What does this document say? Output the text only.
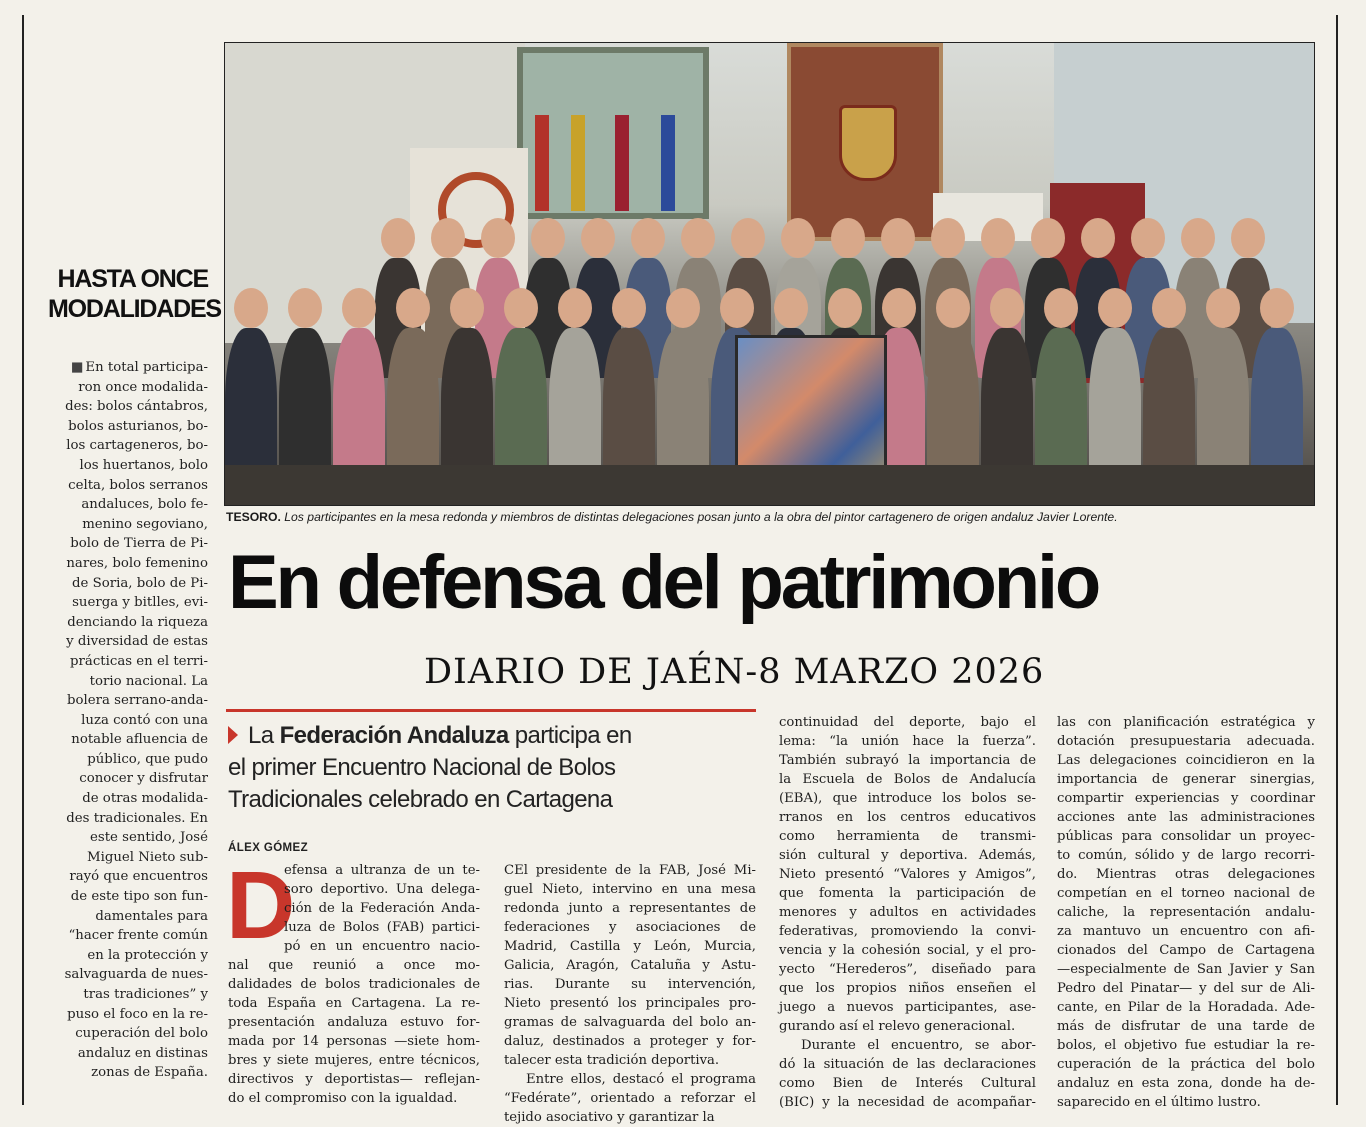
HASTA ONCE
MODALIDADES
■ En total participa-
ron once modalida-
des: bolos cántabros,
bolos asturianos, bo-
los cartageneros, bo-
los huertanos, bolo
celta, bolos serranos
andaluces, bolo fe-
menino segoviano,
bolo de Tierra de Pi-
nares, bolo femenino
de Soria, bolo de Pi-
suerga y bitlles, evi-
denciando la riqueza
y diversidad de estas
prácticas en el terri-
torio nacional. La
bolera serrano-anda-
luza contó con una
notable afluencia de
público, que pudo
conocer y disfrutar
de otras modalida-
des tradicionales. En
este sentido, José
Miguel Nieto sub-
rayó que encuentros
de este tipo son fun-
damentales para
“hacer frente común
en la protección y
salvaguarda de nues-
tras tradiciones” y
puso el foco en la re-
cuperación del bolo
andaluz en distinas
zonas de España.
TESORO. Los participantes en la mesa redonda y miembros de distintas delegaciones posan junto a la obra del pintor cartagenero de origen andaluz Javier Lorente.
En defensa del patrimonio
DIARIO DE JAÉN-8 MARZO 2026
La Federación Andaluza participa en
el primer Encuentro Nacional de Bolos
Tradicionales celebrado en Cartagena
ÁLEX GÓMEZ
D
efensa a ultranza de un te-
soro deportivo. Una delega-
ción de la Federación Anda-
luza de Bolos (FAB) partici-
pó en un encuentro nacio-
nal que reunió a once mo-
dalidades de bolos tradicionales de
toda España en Cartagena. La re-
presentación andaluza estuvo for-
mada por 14 personas —siete hom-
bres y siete mujeres, entre técnicos,
directivos y deportistas— reflejan-
do el compromiso con la igualdad.
CEl presidente de la FAB, José Mi-
guel Nieto, intervino en una mesa
redonda junto a representantes de
federaciones y asociaciones de
Madrid, Castilla y León, Murcia,
Galicia, Aragón, Cataluña y Astu-
rias. Durante su intervención,
Nieto presentó los principales pro-
gramas de salvaguarda del bolo an-
daluz, destinados a proteger y for-
talecer esta tradición deportiva.
Entre ellos, destacó el programa
“Fedérate”, orientado a reforzar el
tejido asociativo y garantizar la
continuidad del deporte, bajo el
lema: “la unión hace la fuerza”.
También subrayó la importancia de
la Escuela de Bolos de Andalucía
(EBA), que introduce los bolos se-
rranos en los centros educativos
como herramienta de transmi-
sión cultural y deportiva. Además,
Nieto presentó “Valores y Amigos”,
que fomenta la participación de
menores y adultos en actividades
federativas, promoviendo la convi-
vencia y la cohesión social, y el pro-
yecto “Herederos”, diseñado para
que los propios niños enseñen el
juego a nuevos participantes, ase-
gurando así el relevo generacional.
Durante el encuentro, se abor-
dó la situación de las declaraciones
como Bien de Interés Cultural
(BIC) y la necesidad de acompañar-
las con planificación estratégica y
dotación presupuestaria adecuada.
Las delegaciones coincidieron en la
importancia de generar sinergias,
compartir experiencias y coordinar
acciones ante las administraciones
públicas para consolidar un proyec-
to común, sólido y de largo recorri-
do. Mientras otras delegaciones
competían en el torneo nacional de
caliche, la representación andalu-
za mantuvo un encuentro con afi-
cionados del Campo de Cartagena
—especialmente de San Javier y San
Pedro del Pinatar— y del sur de Ali-
cante, en Pilar de la Horadada. Ade-
más de disfrutar de una tarde de
bolos, el objetivo fue estudiar la re-
cuperación de la práctica del bolo
andaluz en esta zona, donde ha de-
saparecido en el último lustro.
